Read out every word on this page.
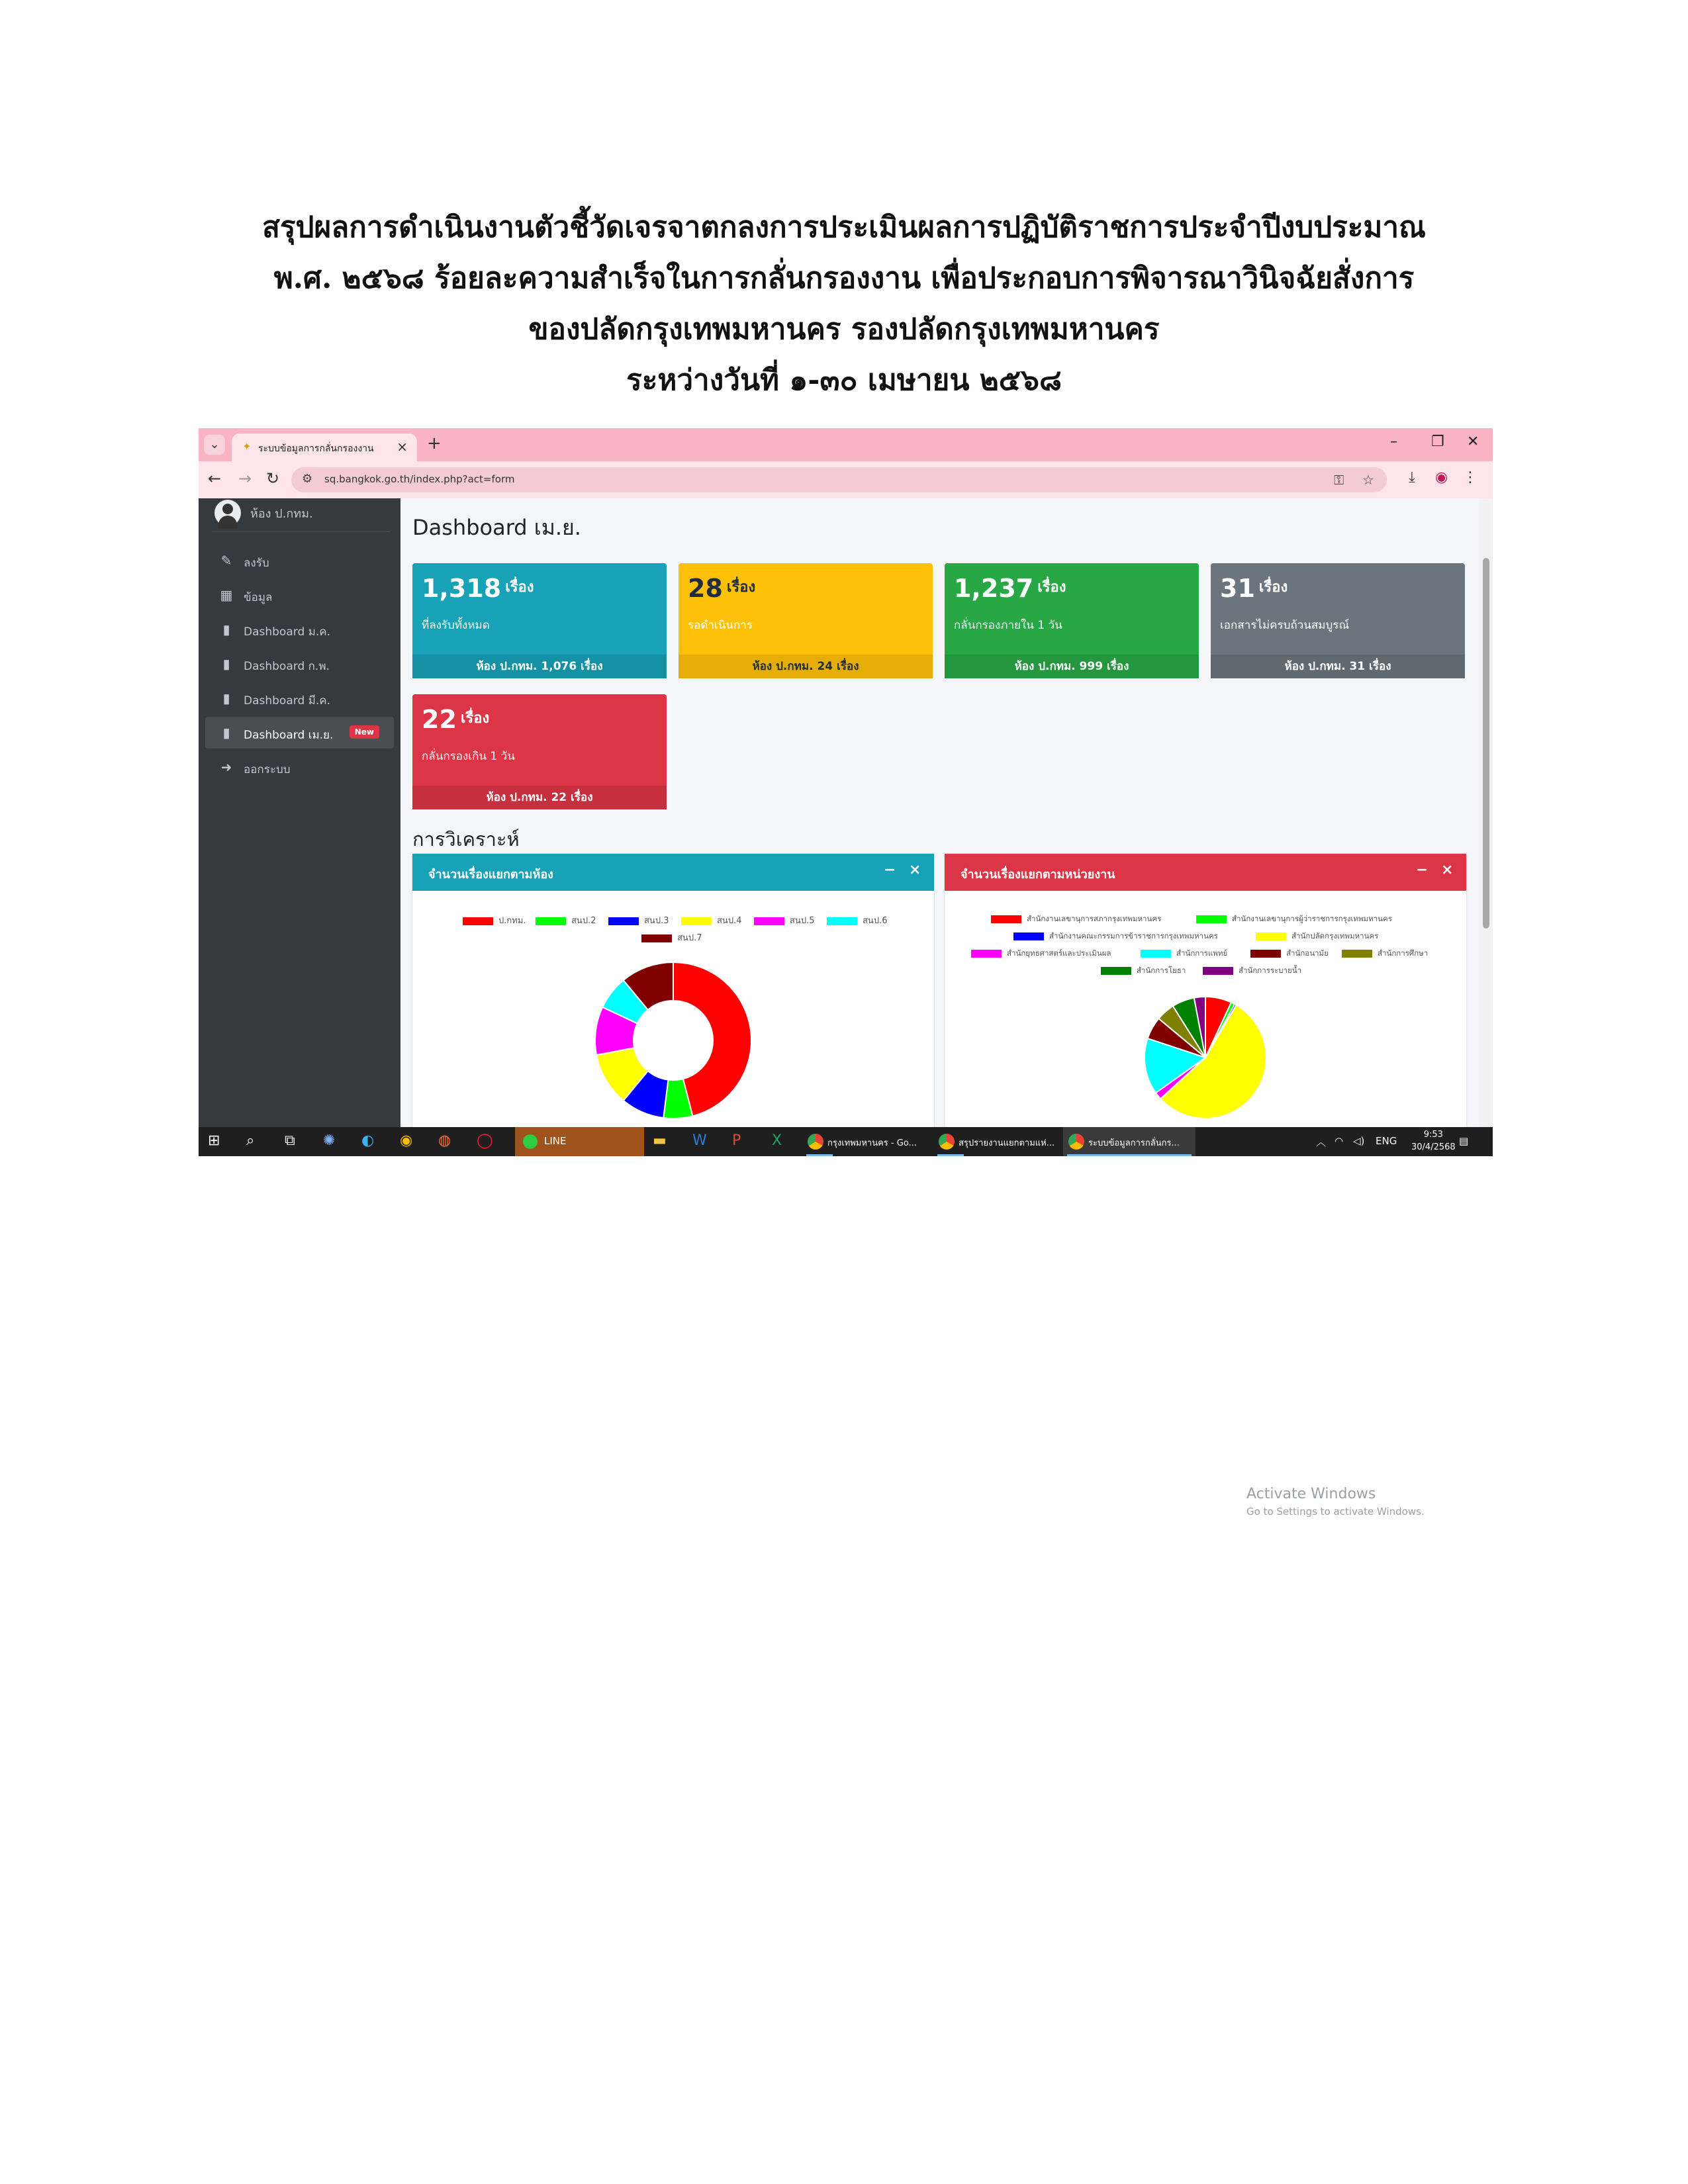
สรุปผลการดำเนินงานตัวชี้วัดเจรจาตกลงการประเมินผลการปฏิบัติราชการประจำปีงบประมาณ
พ.ศ. ๒๕๖๘ ร้อยละความสำเร็จในการกลั่นกรองงาน เพื่อประกอบการพิจารณาวินิจฉัยสั่งการ
ของปลัดกรุงเทพมหานคร รองปลัดกรุงเทพมหานคร
ระหว่างวันที่ ๑-๓๐ เมษายน ๒๕๖๘
⌄	✦ ระบบข้อมูลการกลั่นกรองงาน × +	– ❐ ✕
← → ↻ ⚙ sq.bangkok.go.th/index.php?act=form	⚿ ☆ ⤓ ◉ ⋮
ห้อง ป.กทม.
✎ ลงรับ
▦ ข้อมูล
▮	Dashboard ม.ค.
▮	Dashboard ก.พ.
▮	Dashboard มี.ค.
▮	Dashboard เม.ย.	New
➜ ออกระบบ
Dashboard เม.ย.
1,318 $^{เรื่อง}$
ที่ลงรับทั้งหมด
ห้อง ป.กทม. 1,076 เรื่อง
28 $^{เรื่อง}$
รอดำเนินการ
ห้อง ป.กทม. 24 เรื่อง
1,237 $^{เรื่อง}$
กลั่นกรองภายใน 1 วัน
ห้อง ป.กทม. 999 เรื่อง
31 $^{เรื่อง}$
เอกสารไม่ครบถ้วนสมบูรณ์
ห้อง ป.กทม. 31 เรื่อง
22 $^{เรื่อง}$
กลั่นกรองเกิน 1 วัน
ห้อง ป.กทม. 22 เรื่อง
การวิเคราะห์
จำนวนเรื่องแยกตามห้อง	− ×
ป.กทม.	สนป.2	สนป.3	สนป.4	สนป.5	สนป.6
สนป.7
จำนวนเรื่องแยกตามหน่วยงาน	− ×
สำนักงานเลขานุการสภากรุงเทพมหานคร	สำนักงานเลขานุการผู้ว่าราชการกรุงเทพมหานคร
สำนักงานคณะกรรมการข้าราชการกรุงเทพมหานคร	สำนักปลัดกรุงเทพมหานคร
สำนักยุทธศาสตร์และประเมินผล	สำนักการแพทย์	สำนักอนามัย	สำนักการศึกษา
สำนักการโยธา	สำนักการระบายน้ำ
Activate Windows
Go to Settings to activate Windows.
⊞ ⌕ ⧉ ✺ ◐ ◉ ◍ ◯	LINE	▬ W P X	กรุงเทพมหานคร - Go...	สรุปรายงานแยกตามแห่...	ระบบข้อมูลการกลั่นกร...	︿ ◠ ◁) ENG
9:53
30/4/2568
▤
